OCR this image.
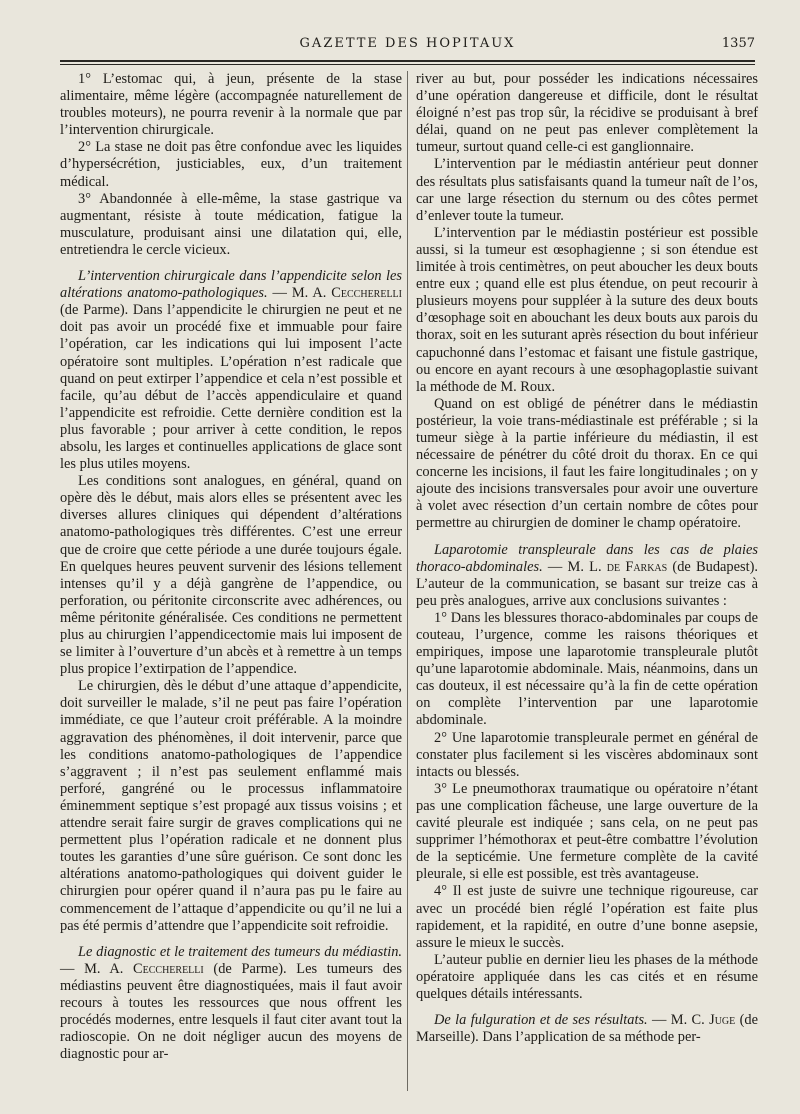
GAZETTE DES HOPITAUX	1357

1° L’estomac qui, à jeun, présente de la stase alimentaire, même légère (accompagnée naturellement de troubles moteurs), ne pourra revenir à la normale que par l’intervention chirurgicale.

2° La stase ne doit pas être confondue avec les liquides d’hypersécrétion, justiciables, eux, d’un traitement médical.

3° Abandonnée à elle-même, la stase gastrique va augmentant, résiste à toute médication, fatigue la musculature, produisant ainsi une dilatation qui, elle, entretiendra le cercle vicieux.

L’intervention chirurgicale dans l’appendicite selon les altérations anatomo-pathologiques. — M. A. Ceccherelli (de Parme). Dans l’appendicite le chirurgien ne peut et ne doit pas avoir un procédé fixe et immuable pour faire l’opération, car les indications qui lui imposent l’acte opératoire sont multiples. L’opération n’est radicale que quand on peut extirper l’appendice et cela n’est possible et facile, qu’au début de l’accès appendiculaire et quand l’appendicite est refroidie. Cette dernière condition est la plus favorable ; pour arriver à cette condition, le repos absolu, les larges et continuelles applications de glace sont les plus utiles moyens.

Les conditions sont analogues, en général, quand on opère dès le début, mais alors elles se présentent avec les diverses allures cliniques qui dépendent d’altérations anatomo-pathologiques très différentes. C’est une erreur que de croire que cette période a une durée toujours égale. En quelques heures peuvent survenir des lésions tellement intenses qu’il y a déjà gangrène de l’appendice, ou perforation, ou péritonite circonscrite avec adhérences, ou même péritonite généralisée. Ces conditions ne permettent plus au chirurgien l’appendicectomie mais lui imposent de se limiter à l’ouverture d’un abcès et à remettre à un temps plus propice l’extirpation de l’appendice.

Le chirurgien, dès le début d’une attaque d’appendicite, doit surveiller le malade, s’il ne peut pas faire l’opération immédiate, ce que l’auteur croit préférable. A la moindre aggravation des phénomènes, il doit intervenir, parce que les conditions anatomo-pathologiques de l’appendice s’aggravent ; il n’est pas seulement enflammé mais perforé, gangréné ou le processus inflammatoire éminemment septique s’est propagé aux tissus voisins ; et attendre serait faire surgir de graves complications qui ne permettent plus l’opération radicale et ne donnent plus toutes les garanties d’une sûre guérison. Ce sont donc les altérations anatomo-pathologiques qui doivent guider le chirurgien pour opérer quand il n’aura pas pu le faire au commencement de l’attaque d’appendicite ou qu’il ne lui a pas été permis d’attendre que l’appendicite soit refroidie.

Le diagnostic et le traitement des tumeurs du médiastin. — M. A. Ceccherelli (de Parme). Les tumeurs des médiastins peuvent être diagnostiquées, mais il faut avoir recours à toutes les ressources que nous offrent les procédés modernes, entre lesquels il faut citer avant tout la radioscopie. On ne doit négliger aucun des moyens de diagnostic pour ar-

river au but, pour posséder les indications nécessaires d’une opération dangereuse et difficile, dont le résultat éloigné n’est pas trop sûr, la récidive se produisant à bref délai, quand on ne peut pas enlever complètement la tumeur, surtout quand celle-ci est ganglionnaire.

L’intervention par le médiastin antérieur peut donner des résultats plus satisfaisants quand la tumeur naît de l’os, car une large résection du sternum ou des côtes permet d’enlever toute la tumeur.

L’intervention par le médiastin postérieur est possible aussi, si la tumeur est œsophagienne ; si son étendue est limitée à trois centimètres, on peut aboucher les deux bouts entre eux ; quand elle est plus étendue, on peut recourir à plusieurs moyens pour suppléer à la suture des deux bouts d’œsophage soit en abouchant les deux bouts aux parois du thorax, soit en les suturant après résection du bout inférieur capuchonné dans l’estomac et faisant une fistule gastrique, ou encore en ayant recours à une œsophagoplastie suivant la méthode de M. Roux.

Quand on est obligé de pénétrer dans le médiastin postérieur, la voie trans-médiastinale est préférable ; si la tumeur siège à la partie inférieure du médiastin, il est nécessaire de pénétrer du côté droit du thorax. En ce qui concerne les incisions, il faut les faire longitudinales ; on y ajoute des incisions transversales pour avoir une ouverture à volet avec résection d’un certain nombre de côtes pour permettre au chirurgien de dominer le champ opératoire.

Laparotomie transpleurale dans les cas de plaies thoraco-abdominales. — M. L. de Farkas (de Budapest). L’auteur de la communication, se basant sur treize cas à peu près analogues, arrive aux conclusions suivantes :

1° Dans les blessures thoraco-abdominales par coups de couteau, l’urgence, comme les raisons théoriques et empiriques, impose une laparotomie transpleurale plutôt qu’une laparotomie abdominale. Mais, néanmoins, dans un cas douteux, il est nécessaire qu’à la fin de cette opération on complète l’intervention par une laparotomie abdominale.

2° Une laparotomie transpleurale permet en général de constater plus facilement si les viscères abdominaux sont intacts ou blessés.

3° Le pneumothorax traumatique ou opératoire n’étant pas une complication fâcheuse, une large ouverture de la cavité pleurale est indiquée ; sans cela, on ne peut pas supprimer l’hémothorax et peut-être combattre l’évolution de la septicémie. Une fermeture complète de la cavité pleurale, si elle est possible, est très avantageuse.

4° Il est juste de suivre une technique rigoureuse, car avec un procédé bien réglé l’opération est faite plus rapidement, et la rapidité, en outre d’une bonne asepsie, assure le mieux le succès.

L’auteur publie en dernier lieu les phases de la méthode opératoire appliquée dans les cas cités et en résume quelques détails intéressants.

De la fulguration et de ses résultats. — M. C. Juge (de Marseille). Dans l’application de sa méthode per-
